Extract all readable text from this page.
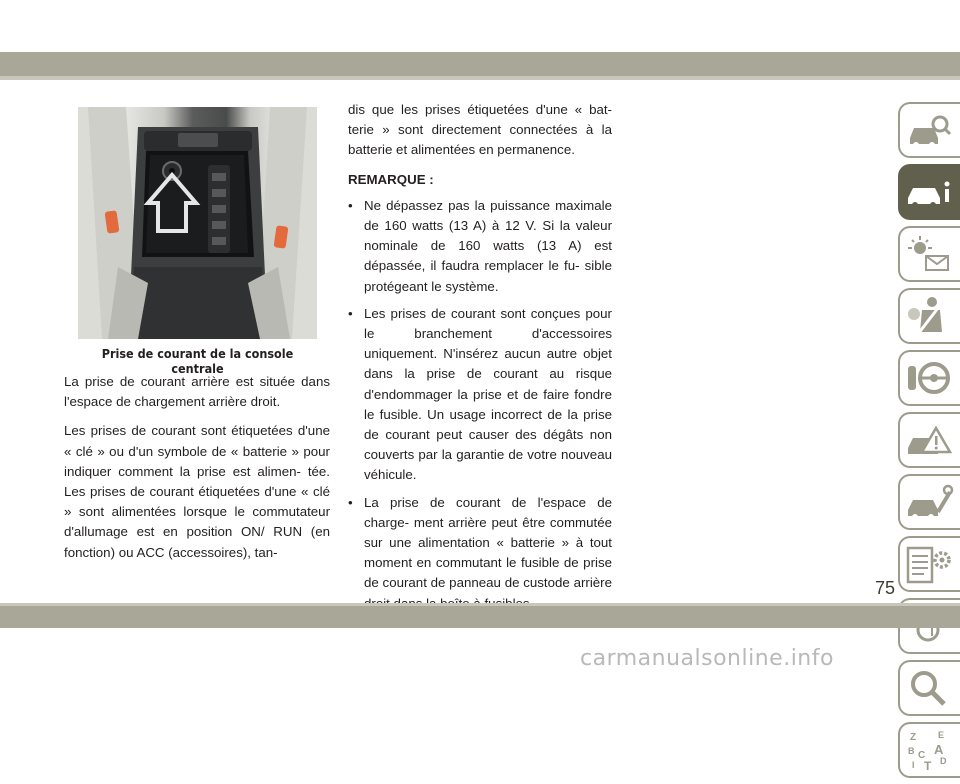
Prise de courant de la console centrale

La prise de courant arrière est située dans l'espace de chargement arrière droit.

Les prises de courant sont étiquetées d'une « clé » ou d'un symbole de « batterie » pour indiquer comment la prise est alimen- tée. Les prises de courant étiquetées d'une « clé » sont alimentées lorsque le commutateur d'allumage est en position ON/ RUN (en fonction) ou ACC (accessoires), tan-

dis que les prises étiquetées d'une « bat- terie » sont directement connectées à la batterie et alimentées en permanence.

REMARQUE :
• Ne dépassez pas la puissance maximale de 160 watts (13 A) à 12 V. Si la valeur nominale de 160 watts (13 A) est dépassée, il faudra remplacer le fu- sible protégeant le système.
• Les prises de courant sont conçues pour le branchement d'accessoires uniquement. N'insérez aucun autre objet dans la prise de courant au risque d'endommager la prise et de faire fondre le fusible. Un usage incorrect de la prise de courant peut causer des dégâts non couverts par la garantie de votre nouveau véhicule.
• La prise de courant de l'espace de charge- ment arrière peut être commutée sur une alimentation « batterie » à tout moment en commutant le fusible de prise de courant de panneau de custode arrière
Z E
B A
C D
I T
75
carmanualsonline.info
